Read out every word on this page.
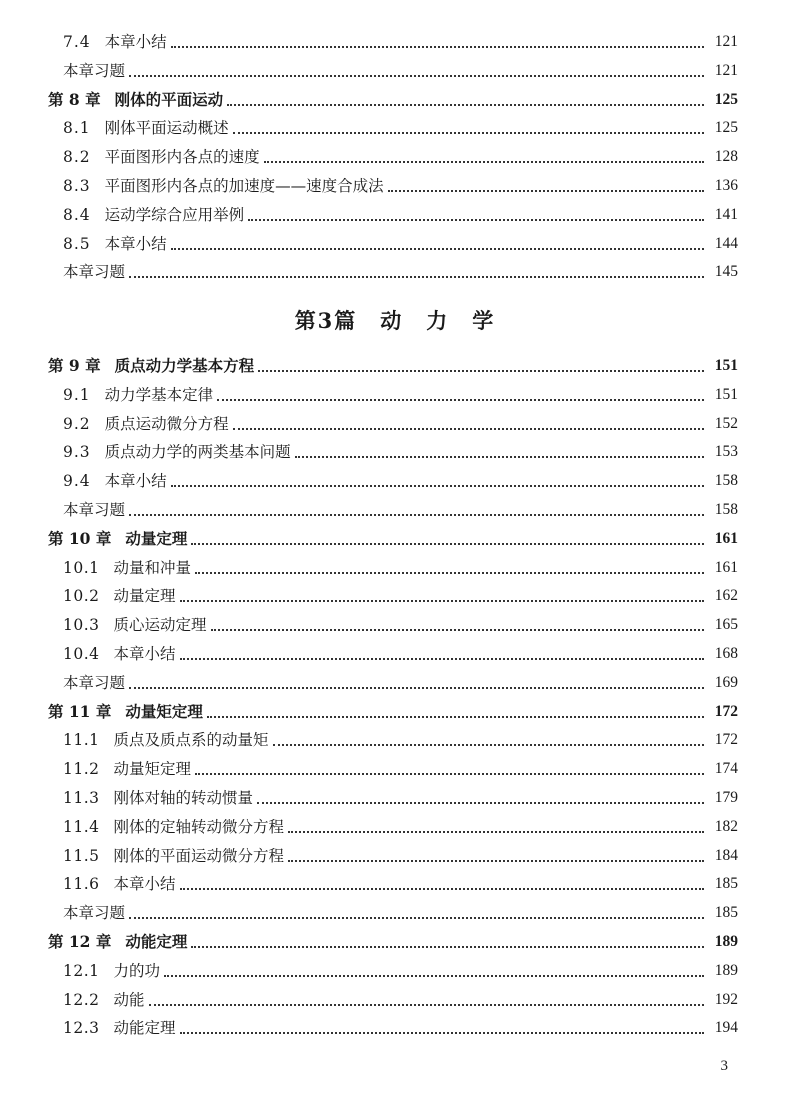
7.4 本章小结	121
本章习题	121
第 8 章 刚体的平面运动	125
8.1 刚体平面运动概述	125
8.2 平面图形内各点的速度	128
8.3 平面图形内各点的加速度——速度合成法	136
8.4 运动学综合应用举例	141
8.5 本章小结	144
本章习题	145
第3篇　动　力　学
第 9 章 质点动力学基本方程	151
9.1 动力学基本定律	151
9.2 质点运动微分方程	152
9.3 质点动力学的两类基本问题	153
9.4 本章小结	158
本章习题	158
第 10 章 动量定理	161
10.1 动量和冲量	161
10.2 动量定理	162
10.3 质心运动定理	165
10.4 本章小结	168
本章习题	169
第 11 章 动量矩定理	172
11.1 质点及质点系的动量矩	172
11.2 动量矩定理	174
11.3 刚体对轴的转动惯量	179
11.4 刚体的定轴转动微分方程	182
11.5 刚体的平面运动微分方程	184
11.6 本章小结	185
本章习题	185
第 12 章 动能定理	189
12.1 力的功	189
12.2 动能	192
12.3 动能定理	194
3
